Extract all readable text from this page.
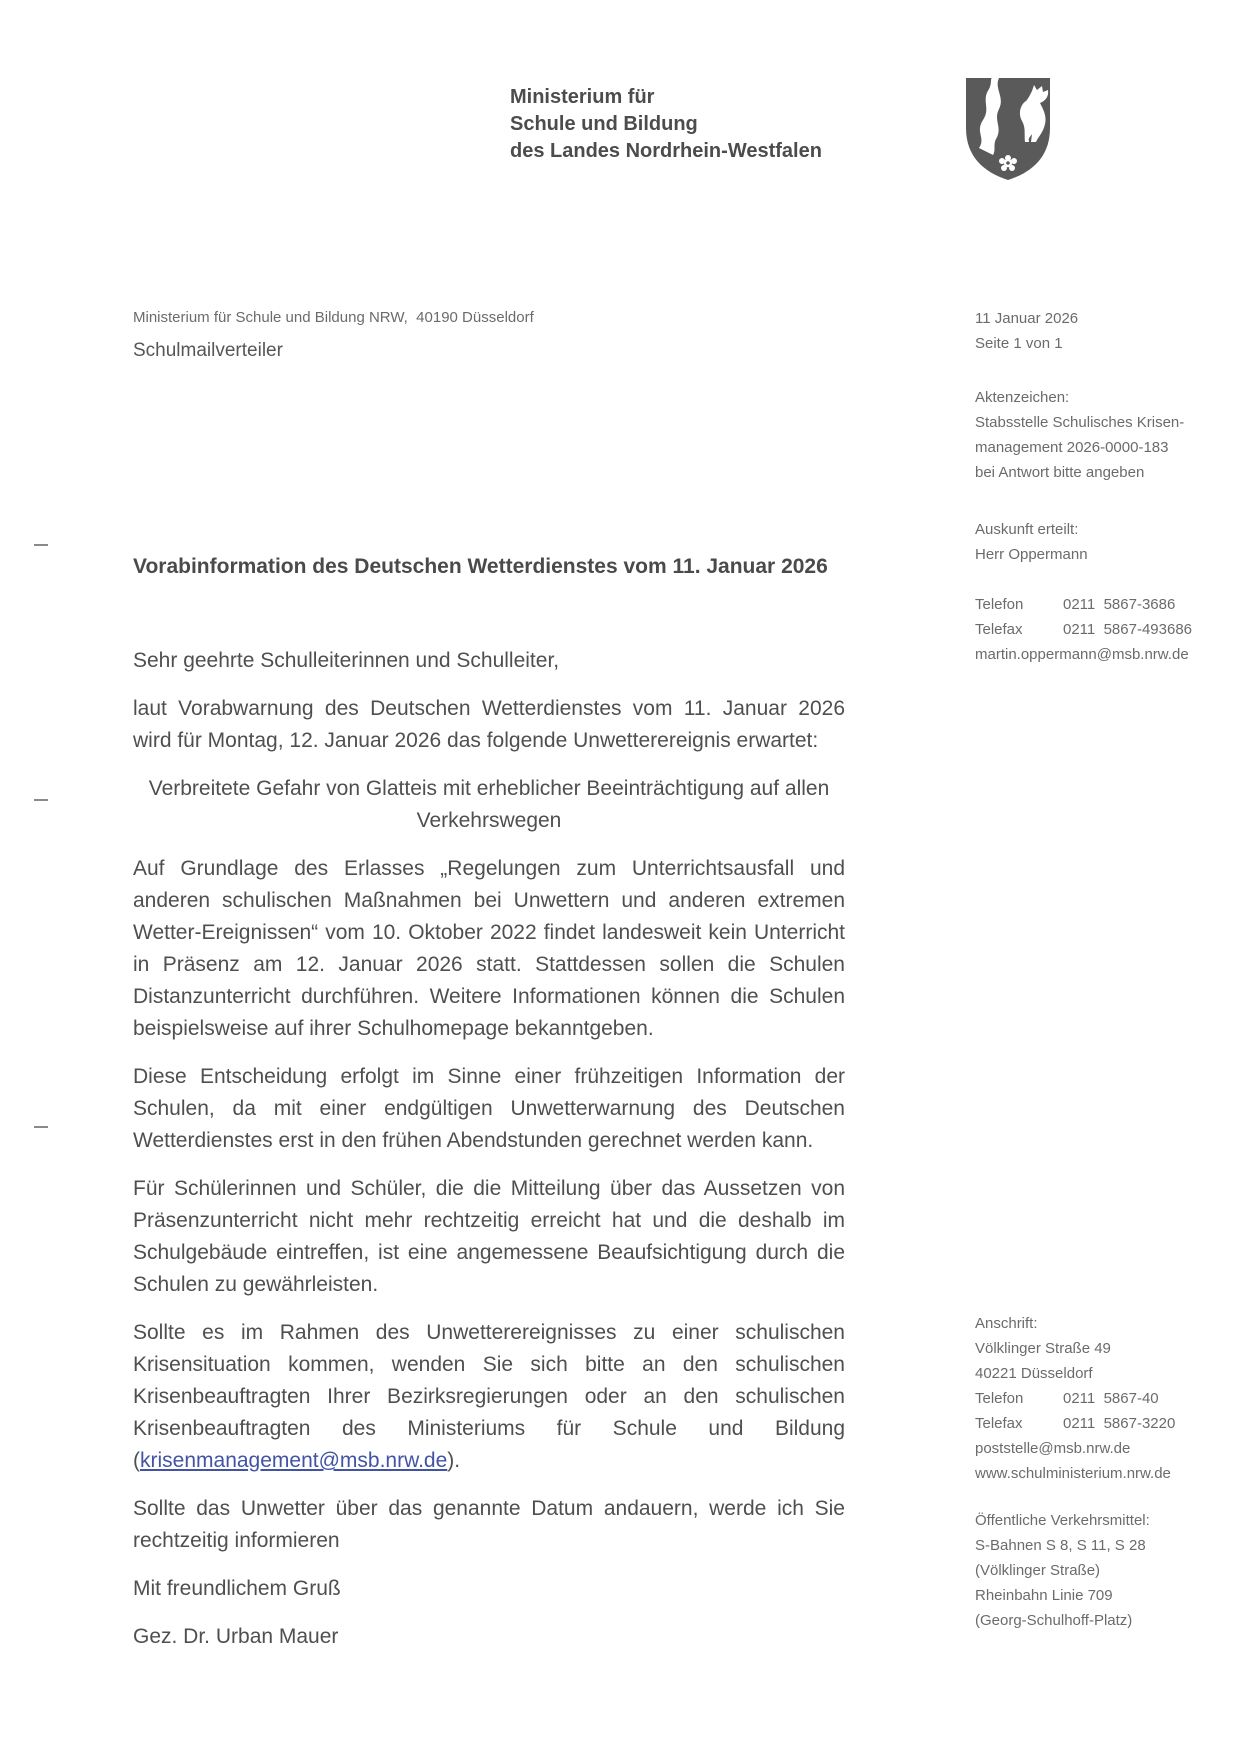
Ministerium für
Schule und Bildung
des Landes Nordrhein-Westfalen
Ministerium für Schule und Bildung NRW,  40190 Düsseldorf
Schulmailverteiler
11 Januar 2026
Seite 1 von 1
Aktenzeichen:
Stabsstelle Schulisches Krisen-
management 2026-0000-183
bei Antwort bitte angeben
Auskunft erteilt:
Herr Oppermann
Telefon	0211  5867-3686
Telefax	0211  5867-493686
martin.oppermann@msb.nrw.de
Anschrift:
Völklinger Straße 49
40221 Düsseldorf
Telefon	0211  5867-40
Telefax	0211  5867-3220
poststelle@msb.nrw.de
www.schulministerium.nrw.de
Öffentliche Verkehrsmittel:
S-Bahnen S 8, S 11, S 28
(Völklinger Straße)
Rheinbahn Linie 709
(Georg-Schulhoff-Platz)
Vorabinformation des Deutschen Wetterdienstes vom 11. Januar 2026

Sehr geehrte Schulleiterinnen und Schulleiter,

laut Vorabwarnung des Deutschen Wetterdienstes vom 11. Januar 2026 wird für Montag, 12. Januar 2026 das folgende Unwetterereignis erwartet:

Verbreitete Gefahr von Glatteis mit erheblicher Beeinträchtigung auf allen Verkehrswegen

Auf Grundlage des Erlasses „Regelungen zum Unterrichtsausfall und anderen schulischen Maßnahmen bei Unwettern und anderen extremen Wetter-Ereignissen“ vom 10. Oktober 2022 findet landesweit kein Unterricht in Präsenz am 12. Januar 2026 statt. Stattdessen sollen die Schulen Distanzunterricht durchführen. Weitere Informationen können die Schulen beispielsweise auf ihrer Schulhomepage bekanntgeben.

Diese Entscheidung erfolgt im Sinne einer frühzeitigen Information der Schulen, da mit einer endgültigen Unwetterwarnung des Deutschen Wetterdienstes erst in den frühen Abendstunden gerechnet werden kann.

Für Schülerinnen und Schüler, die die Mitteilung über das Aussetzen von Präsenzunterricht nicht mehr rechtzeitig erreicht hat und die deshalb im Schulgebäude eintreffen, ist eine angemessene Beaufsichtigung durch die Schulen zu gewährleisten.

Sollte es im Rahmen des Unwetterereignisses zu einer schulischen Krisensituation kommen, wenden Sie sich bitte an den schulischen Krisenbeauftragten Ihrer Bezirksregierungen oder an den schulischen Krisenbeauftragten des Ministeriums für Schule und Bildung (krisenmanagement@msb.nrw.de).

Sollte das Unwetter über das genannte Datum andauern, werde ich Sie rechtzeitig informieren

Mit freundlichem Gruß

Gez. Dr. Urban Mauer
